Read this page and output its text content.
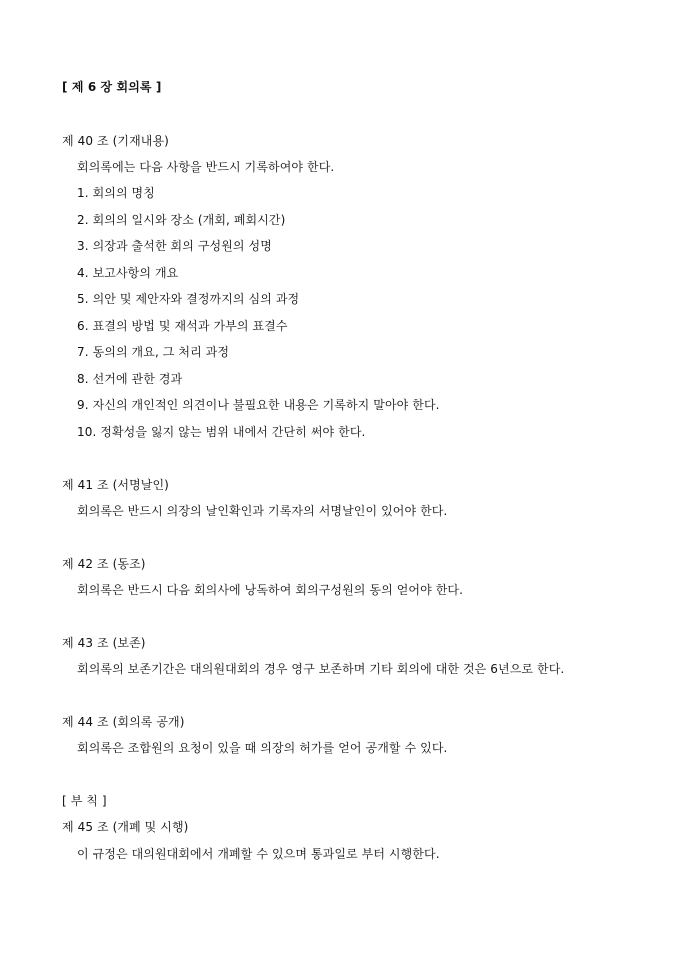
[ 제 6 장 회의록 ]
제 40 조 (기재내용)
회의록에는 다음 사항을 반드시 기록하여야 한다.
1. 회의의 명칭
2. 회의의 일시와 장소 (개회, 폐회시간)
3. 의장과 출석한 회의 구성원의 성명
4. 보고사항의 개요
5. 의안 및 제안자와 결정까지의 심의 과정
6. 표결의 방법 및 재석과 가부의 표결수
7. 동의의 개요, 그 처리 과정
8. 선거에 관한 경과
9. 자신의 개인적인 의견이나 불필요한 내용은 기록하지 말아야 한다.
10. 정확성을 잃지 않는 범위 내에서 간단히 써야 한다.
제 41 조 (서명날인)
회의록은 반드시 의장의 날인확인과 기록자의 서명날인이 있어야 한다.
제 42 조 (동조)
회의록은 반드시 다음 회의사에 낭독하여 회의구성원의 동의 얻어야 한다.
제 43 조 (보존)
회의록의 보존기간은 대의원대회의 경우 영구 보존하며 기타 회의에 대한 것은 6년으로 한다.
제 44 조 (회의록 공개)
회의록은 조합원의 요청이 있을 때 의장의 허가를 얻어 공개할 수 있다.
[ 부 칙 ]
제 45 조 (개폐 및 시행)
이 규정은 대의원대회에서 개폐할 수 있으며 통과일로 부터 시행한다.
